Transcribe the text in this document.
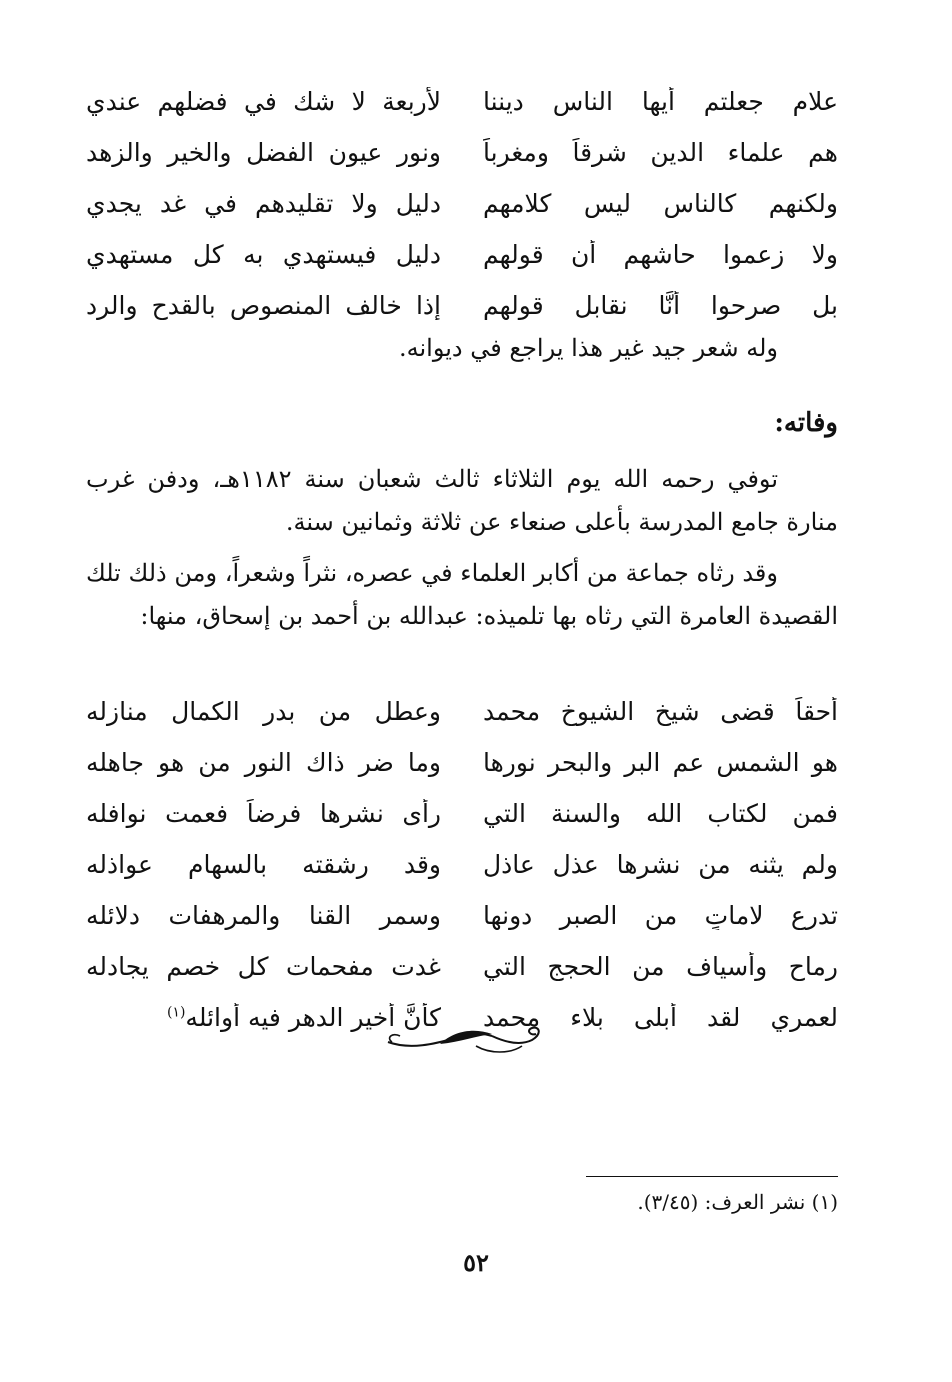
علام جعلتم أيها الناس ديننا
لأربعة لا شك في فضلهم عندي
هم علماء الدين شرقاً ومغرباً
ونور عيون الفضل والخير والزهد
ولكنهم كالناس ليس كلامهم
دليل ولا تقليدهم في غد يجدي
ولا زعموا حاشهم أن قولهم
دليل فيستهدي به كل مستهدي
بل صرحوا أنَّا نقابل قولهم
إذا خالف المنصوص بالقدح والرد
وله شعر جيد غير هذا يراجع في ديوانه.
وفاته:
توفي رحمه الله يوم الثلاثاء ثالث شعبان سنة ١١٨٢هـ، ودفن غرب منارة جامع المدرسة بأعلى صنعاء عن ثلاثة وثمانين سنة.
وقد رثاه جماعة من أكابر العلماء في عصره، نثراً وشعراً، ومن ذلك تلك القصيدة العامرة التي رثاه بها تلميذه: عبدالله بن أحمد بن إسحاق، منها:
أحقاً قضى شيخ الشيوخ محمد
وعطل من بدر الكمال منازله
هو الشمس عم البر والبحر نورها
وما ضر ذاك النور من هو جاهله
فمن لكتاب الله والسنة التي
رأى نشرها فرضاً فعمت نوافله
ولم يثنه من نشرها عذل عاذل
وقد رشقته بالسهام عواذله
تدرع لاماتٍ من الصبر دونها
وسمر القنا والمرهفات دلائله
رماح وأسياف من الحجج التي
غدت مفحمات كل خصم يجادله
لعمري لقد أبلى بلاء محمد
كأنَّ أخير الدهر فيه أوائله$^{(١)}$
(١) نشر العرف: (٣/٤٥).
٥٢
